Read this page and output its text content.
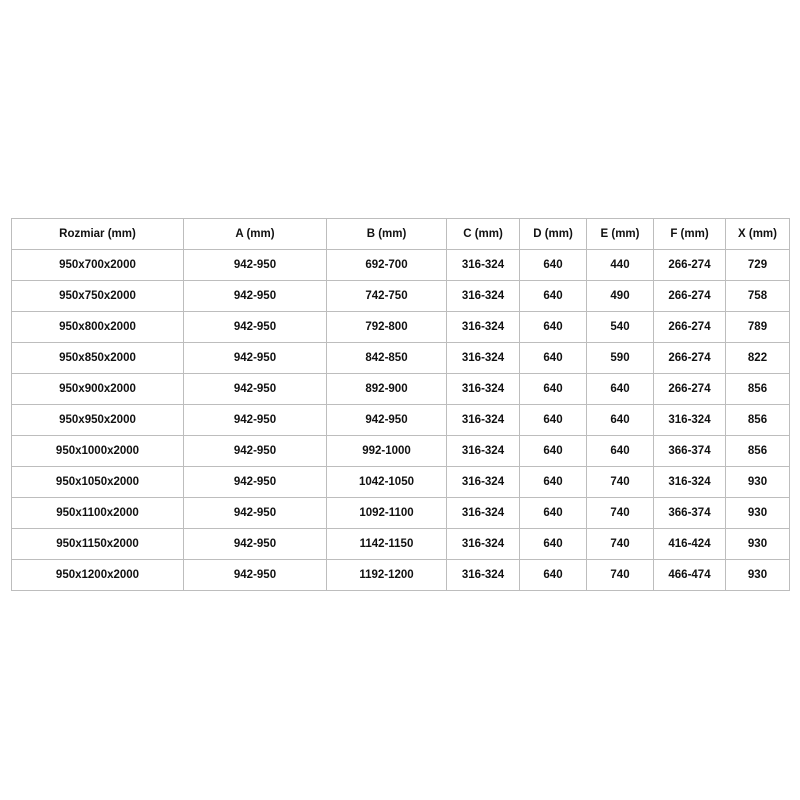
Rozmiar (mm)	A (mm)	B (mm)	C (mm)	D (mm)	E (mm)	F (mm)	X (mm)
950x700x2000	942-950	692-700	316-324	640	440	266-274	729
950x750x2000	942-950	742-750	316-324	640	490	266-274	758
950x800x2000	942-950	792-800	316-324	640	540	266-274	789
950x850x2000	942-950	842-850	316-324	640	590	266-274	822
950x900x2000	942-950	892-900	316-324	640	640	266-274	856
950x950x2000	942-950	942-950	316-324	640	640	316-324	856
950x1000x2000	942-950	992-1000	316-324	640	640	366-374	856
950x1050x2000	942-950	1042-1050	316-324	640	740	316-324	930
950x1100x2000	942-950	1092-1100	316-324	640	740	366-374	930
950x1150x2000	942-950	1142-1150	316-324	640	740	416-424	930
950x1200x2000	942-950	1192-1200	316-324	640	740	466-474	930
